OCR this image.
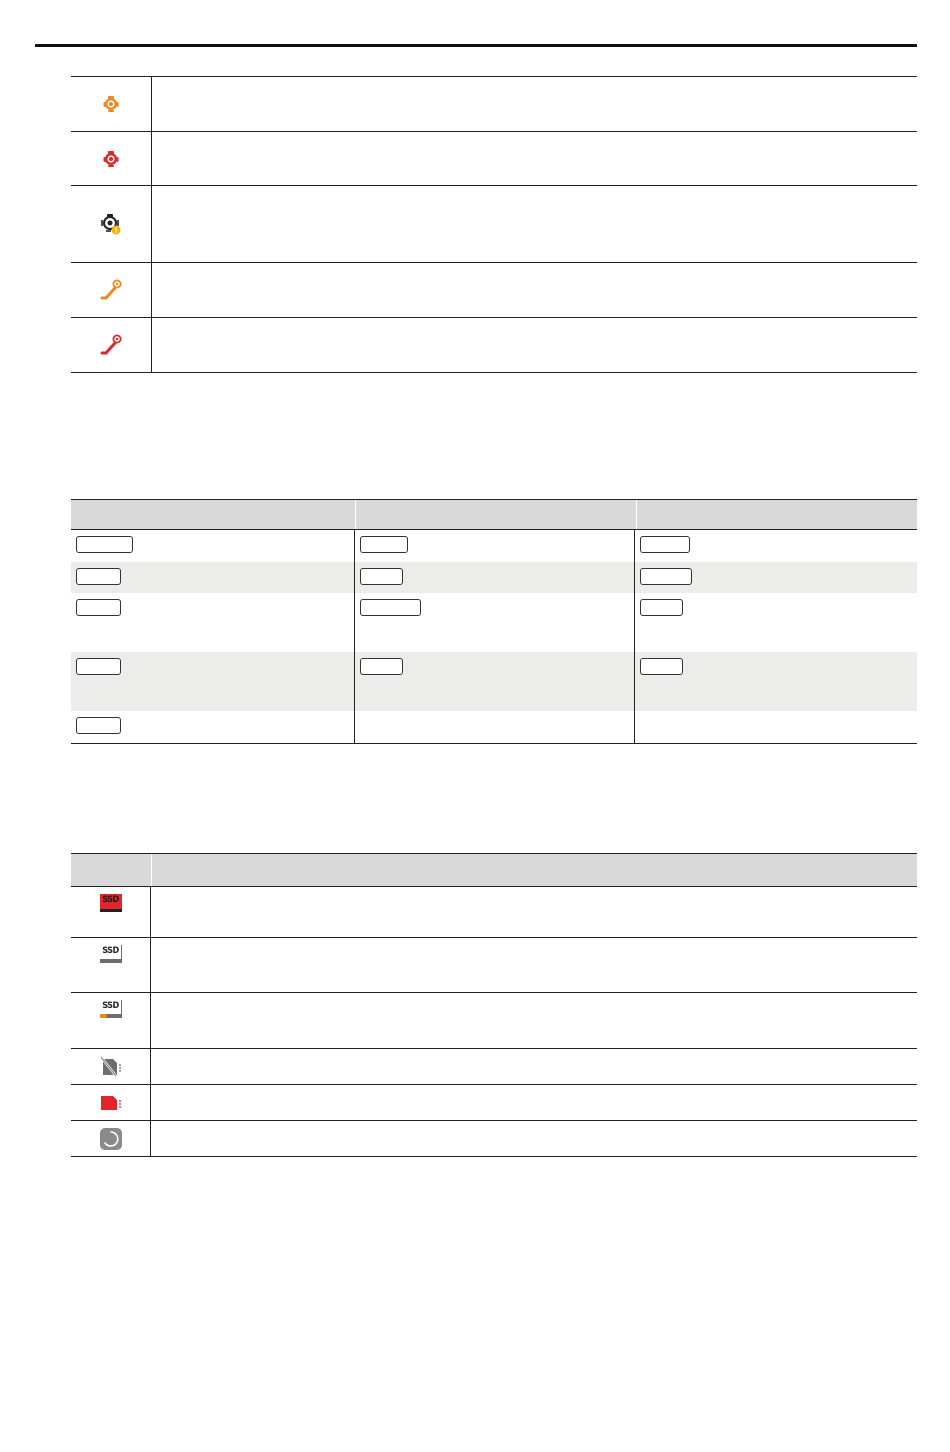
SSD
SSD
SSD
